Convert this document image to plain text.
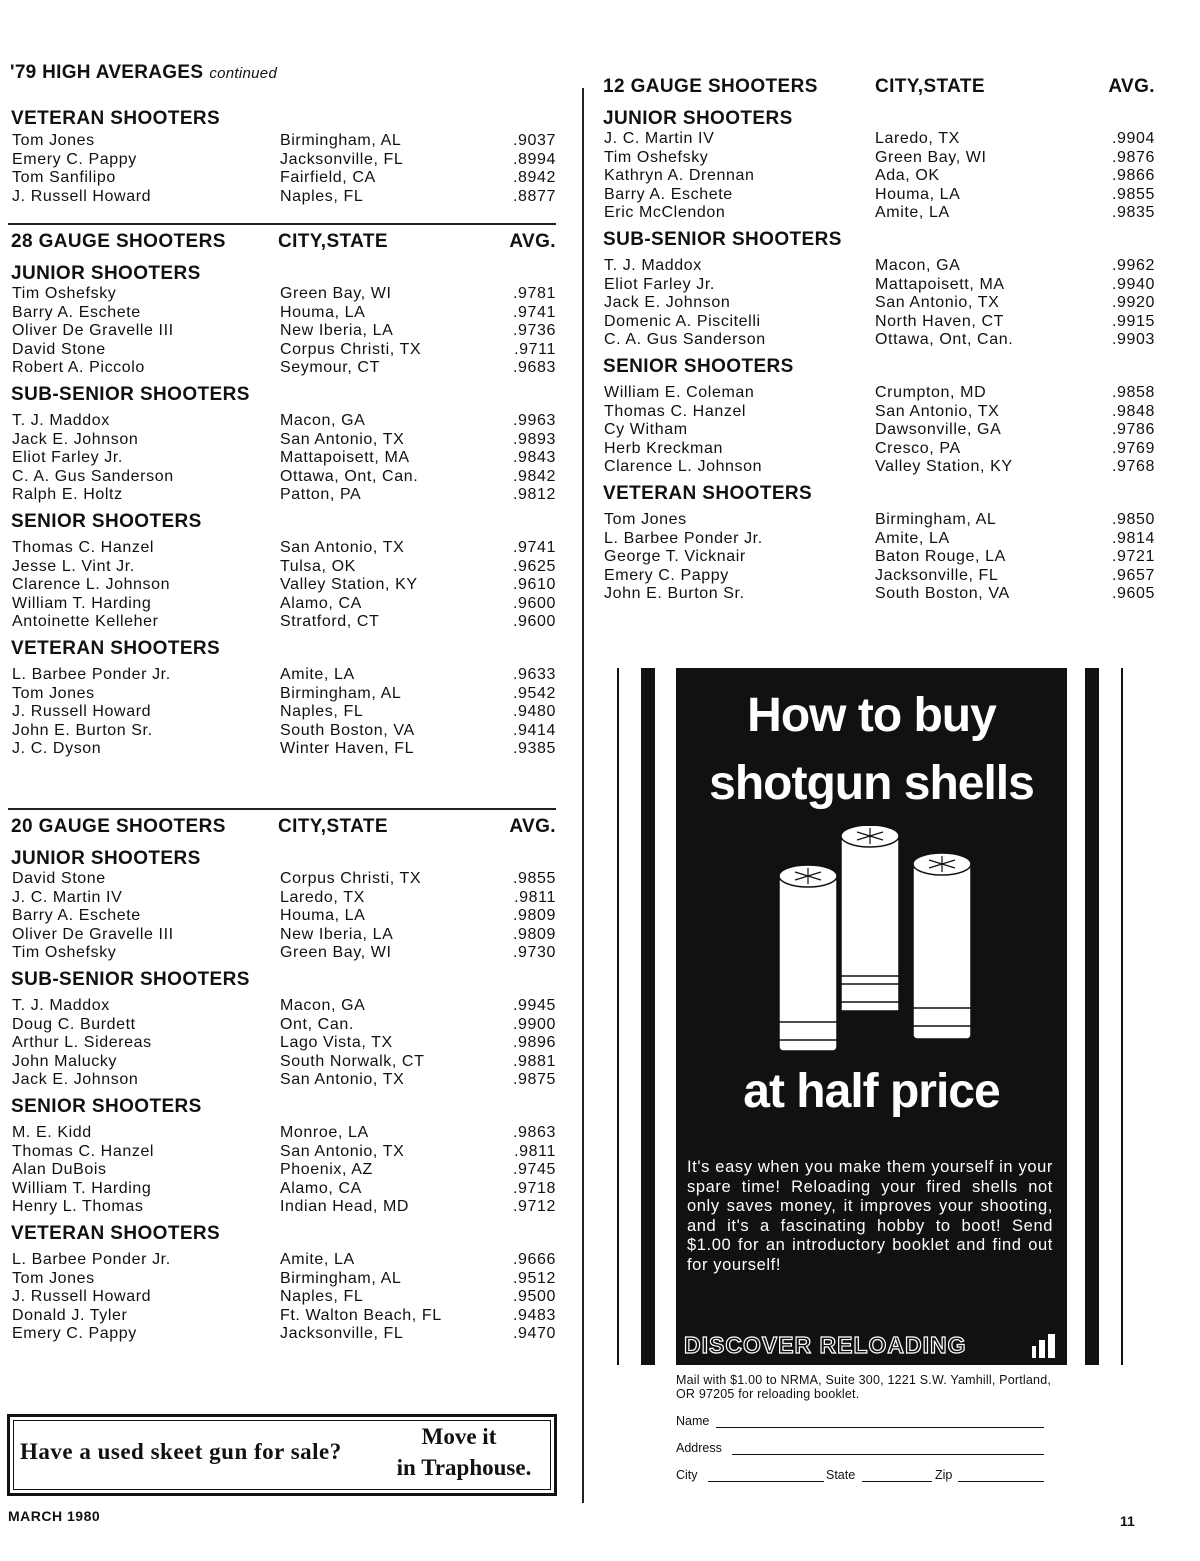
'79 HIGH AVERAGES continued
VETERAN SHOOTERS
Tom Jones	Birmingham, AL	.9037
Emery C. Pappy	Jacksonville, FL	.8994
Tom Sanfilipo	Fairfield, CA	.8942
J. Russell Howard	Naples, FL	.8877
28 GAUGE SHOOTERS	CITY,STATE	AVG.
JUNIOR SHOOTERS
Tim Oshefsky	Green Bay, WI	.9781
Barry A. Eschete	Houma, LA	.9741
Oliver De Gravelle III	New Iberia, LA	.9736
David Stone	Corpus Christi, TX	.9711
Robert A. Piccolo	Seymour, CT	.9683
SUB-SENIOR SHOOTERS
T. J. Maddox	Macon, GA	.9963
Jack E. Johnson	San Antonio, TX	.9893
Eliot Farley Jr.	Mattapoisett, MA	.9843
C. A. Gus Sanderson	Ottawa, Ont, Can.	.9842
Ralph E. Holtz	Patton, PA	.9812
SENIOR SHOOTERS
Thomas C. Hanzel	San Antonio, TX	.9741
Jesse L. Vint Jr.	Tulsa, OK	.9625
Clarence L. Johnson	Valley Station, KY	.9610
William T. Harding	Alamo, CA	.9600
Antoinette Kelleher	Stratford, CT	.9600
VETERAN SHOOTERS
L. Barbee Ponder Jr.	Amite, LA	.9633
Tom Jones	Birmingham, AL	.9542
J. Russell Howard	Naples, FL	.9480
John E. Burton Sr.	South Boston, VA	.9414
J. C. Dyson	Winter Haven, FL	.9385
20 GAUGE SHOOTERS	CITY,STATE	AVG.
JUNIOR SHOOTERS
David Stone	Corpus Christi, TX	.9855
J. C. Martin IV	Laredo, TX	.9811
Barry A. Eschete	Houma, LA	.9809
Oliver De Gravelle III	New Iberia, LA	.9809
Tim Oshefsky	Green Bay, WI	.9730
SUB-SENIOR SHOOTERS
T. J. Maddox	Macon, GA	.9945
Doug C. Burdett	Ont, Can.	.9900
Arthur L. Sidereas	Lago Vista, TX	.9896
John Malucky	South Norwalk, CT	.9881
Jack E. Johnson	San Antonio, TX	.9875
SENIOR SHOOTERS
M. E. Kidd	Monroe, LA	.9863
Thomas C. Hanzel	San Antonio, TX	.9811
Alan DuBois	Phoenix, AZ	.9745
William T. Harding	Alamo, CA	.9718
Henry L. Thomas	Indian Head, MD	.9712
VETERAN SHOOTERS
L. Barbee Ponder Jr.	Amite, LA	.9666
Tom Jones	Birmingham, AL	.9512
J. Russell Howard	Naples, FL	.9500
Donald J. Tyler	Ft. Walton Beach, FL	.9483
Emery C. Pappy	Jacksonville, FL	.9470
12 GAUGE SHOOTERS	CITY,STATE	AVG.
JUNIOR SHOOTERS
J. C. Martin IV	Laredo, TX	.9904
Tim Oshefsky	Green Bay, WI	.9876
Kathryn A. Drennan	Ada, OK	.9866
Barry A. Eschete	Houma, LA	.9855
Eric McClendon	Amite, LA	.9835
SUB-SENIOR SHOOTERS
T. J. Maddox	Macon, GA	.9962
Eliot Farley Jr.	Mattapoisett, MA	.9940
Jack E. Johnson	San Antonio, TX	.9920
Domenic A. Piscitelli	North Haven, CT	.9915
C. A. Gus Sanderson	Ottawa, Ont, Can.	.9903
SENIOR SHOOTERS
William E. Coleman	Crumpton, MD	.9858
Thomas C. Hanzel	San Antonio, TX	.9848
Cy Witham	Dawsonville, GA	.9786
Herb Kreckman	Cresco, PA	.9769
Clarence L. Johnson	Valley Station, KY	.9768
VETERAN SHOOTERS
Tom Jones	Birmingham, AL	.9850
L. Barbee Ponder Jr.	Amite, LA	.9814
George T. Vicknair	Baton Rouge, LA	.9721
Emery C. Pappy	Jacksonville, FL	.9657
John E. Burton Sr.	South Boston, VA	.9605
How to buy
shotgun shells
at half price
It's easy when you make them yourself in your spare time! Reloading your fired shells not only saves money, it improves your shooting, and it's a fascinating hobby to boot! Send $1.00 for an introductory booklet and find out for yourself!
DISCOVER RELOADING
Mail with $1.00 to NRMA, Suite 300, 1221 S.W. Yamhill, Portland, OR 97205 for reloading booklet.
Name
Address
City	State	Zip
Have a used skeet gun for sale?
Move it
in Traphouse.
MARCH 1980	11
